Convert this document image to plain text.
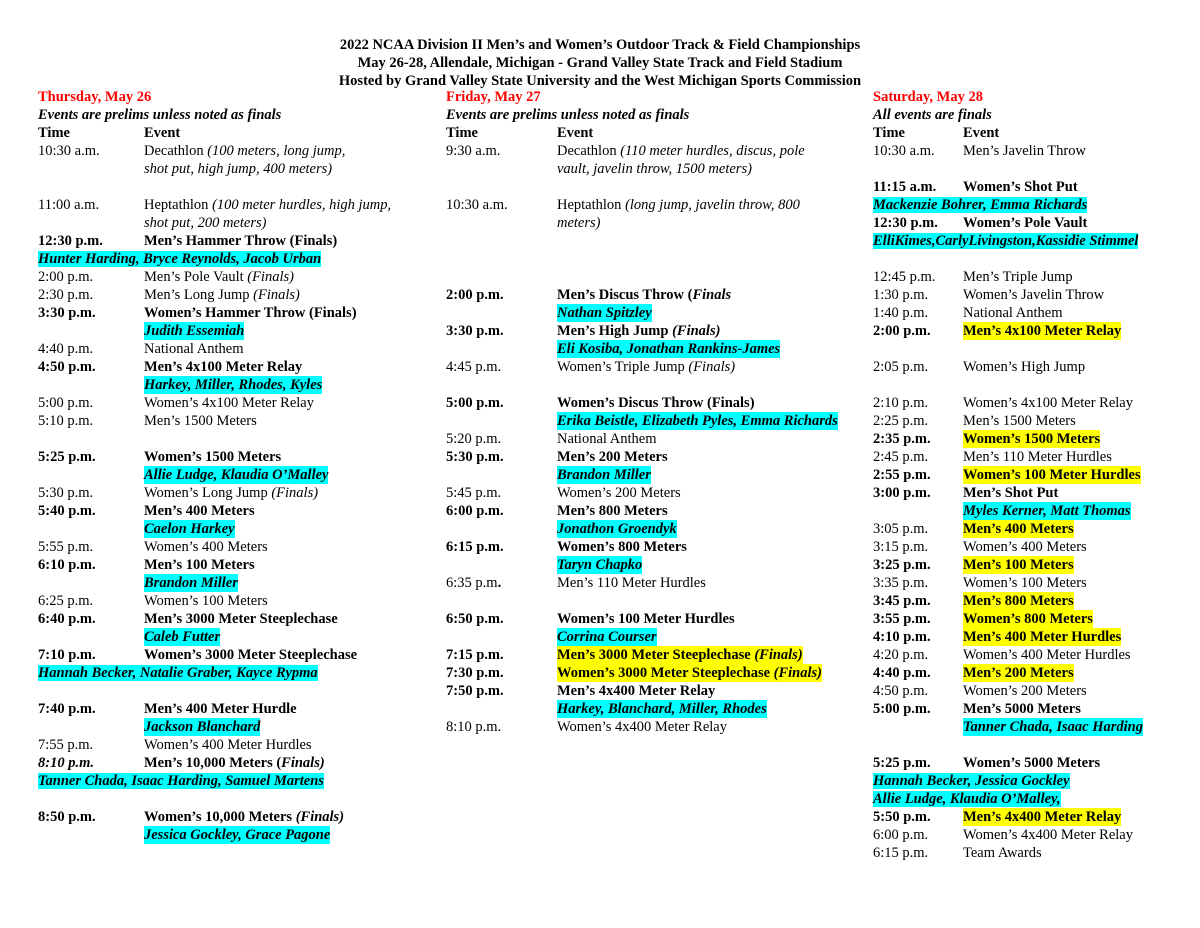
2022 NCAA Division II Men’s and Women’s Outdoor Track & Field Championships
May 26-28, Allendale, Michigan - Grand Valley State Track and Field Stadium
Hosted by Grand Valley State University and the West Michigan Sports Commission
Thursday, May 26
Events are prelims unless noted as finals
Time	Event
10:30 a.m.	Decathlon (100 meters, long jump,
shot put, high jump, 400 meters)
11:00 a.m.	Heptathlon (100 meter hurdles, high jump,
shot put, 200 meters)
12:30 p.m.	Men’s Hammer Throw (Finals)
Hunter Harding, Bryce Reynolds, Jacob Urban
2:00 p.m.	Men’s Pole Vault (Finals)
2:30 p.m.	Men’s Long Jump (Finals)
3:30 p.m.	Women’s Hammer Throw (Finals)
Judith Essemiah
4:40 p.m.	National Anthem
4:50 p.m.	Men’s 4x100 Meter Relay
Harkey, Miller, Rhodes, Kyles
5:00 p.m.	Women’s 4x100 Meter Relay
5:10 p.m.	Men’s 1500 Meters
5:25 p.m.	Women’s 1500 Meters
Allie Ludge, Klaudia O’Malley
5:30 p.m.	Women’s Long Jump (Finals)
5:40 p.m.	Men’s 400 Meters
Caelon Harkey
5:55 p.m.	Women’s 400 Meters
6:10 p.m.	Men’s 100 Meters
Brandon Miller
6:25 p.m.	Women’s 100 Meters
6:40 p.m.	Men’s 3000 Meter Steeplechase
Caleb Futter
7:10 p.m.	Women’s 3000 Meter Steeplechase
Hannah Becker, Natalie Graber, Kayce Rypma
7:40 p.m.	Men’s 400 Meter Hurdle
Jackson Blanchard
7:55 p.m.	Women’s 400 Meter Hurdles
8:10 p.m.	Men’s 10,000 Meters (Finals)
Tanner Chada, Isaac Harding, Samuel Martens
8:50 p.m.	Women’s 10,000 Meters (Finals)
Jessica Gockley, Grace Pagone
Friday, May 27
Events are prelims unless noted as finals
Time	Event
9:30 a.m.	Decathlon (110 meter hurdles, discus, pole
vault, javelin throw, 1500 meters)
10:30 a.m.	Heptathlon (long jump, javelin throw, 800
meters)
2:00 p.m.	Men’s Discus Throw (Finals
Nathan Spitzley
3:30 p.m.	Men’s High Jump (Finals)
Eli Kosiba, Jonathan Rankins-James
4:45 p.m.	Women’s Triple Jump (Finals)
5:00 p.m.	Women’s Discus Throw (Finals)
Erika Beistle, Elizabeth Pyles, Emma Richards
5:20 p.m.	National Anthem
5:30 p.m.	Men’s 200 Meters
Brandon Miller
5:45 p.m.	Women’s 200 Meters
6:00 p.m.	Men’s 800 Meters
Jonathon Groendyk
6:15 p.m.	Women’s 800 Meters
Taryn Chapko
6:35 p.m.	Men’s 110 Meter Hurdles
6:50 p.m.	Women’s 100 Meter Hurdles
Corrina Courser
7:15 p.m.	Men’s 3000 Meter Steeplechase (Finals)
7:30 p.m.	Women’s 3000 Meter Steeplechase (Finals)
7:50 p.m.	Men’s 4x400 Meter Relay
Harkey, Blanchard, Miller, Rhodes
8:10 p.m.	Women’s 4x400 Meter Relay
Saturday, May 28
All events are finals
Time	Event
10:30 a.m. Men’s Javelin Throw
11:15 a.m. Women’s Shot Put
Mackenzie Bohrer, Emma Richards
12:30 p.m. Women’s Pole Vault
ElliKimes,CarlyLivingston,Kassidie Stimmel
12:45 p.m. Men’s Triple Jump
1:30 p.m. Women’s Javelin Throw
1:40 p.m. National Anthem
2:00 p.m. Men’s 4x100 Meter Relay
2:05 p.m. Women’s High Jump
2:10 p.m. Women’s 4x100 Meter Relay
2:25 p.m. Men’s 1500 Meters
2:35 p.m. Women’s 1500 Meters
2:45 p.m. Men’s 110 Meter Hurdles
2:55 p.m. Women’s 100 Meter Hurdles
3:00 p.m. Men’s Shot Put
Myles Kerner, Matt Thomas
3:05 p.m. Men’s 400 Meters
3:15 p.m. Women’s 400 Meters
3:25 p.m. Men’s 100 Meters
3:35 p.m. Women’s 100 Meters
3:45 p.m. Men’s 800 Meters
3:55 p.m. Women’s 800 Meters
4:10 p.m. Men’s 400 Meter Hurdles
4:20 p.m. Women’s 400 Meter Hurdles
4:40 p.m. Men’s 200 Meters
4:50 p.m. Women’s 200 Meters
5:00 p.m. Men’s 5000 Meters
Tanner Chada, Isaac Harding
5:25 p.m. Women’s 5000 Meters
Hannah Becker, Jessica Gockley
Allie Ludge, Klaudia O’Malley,
5:50 p.m. Men’s 4x400 Meter Relay
6:00 p.m. Women’s 4x400 Meter Relay
6:15 p.m. Team Awards
